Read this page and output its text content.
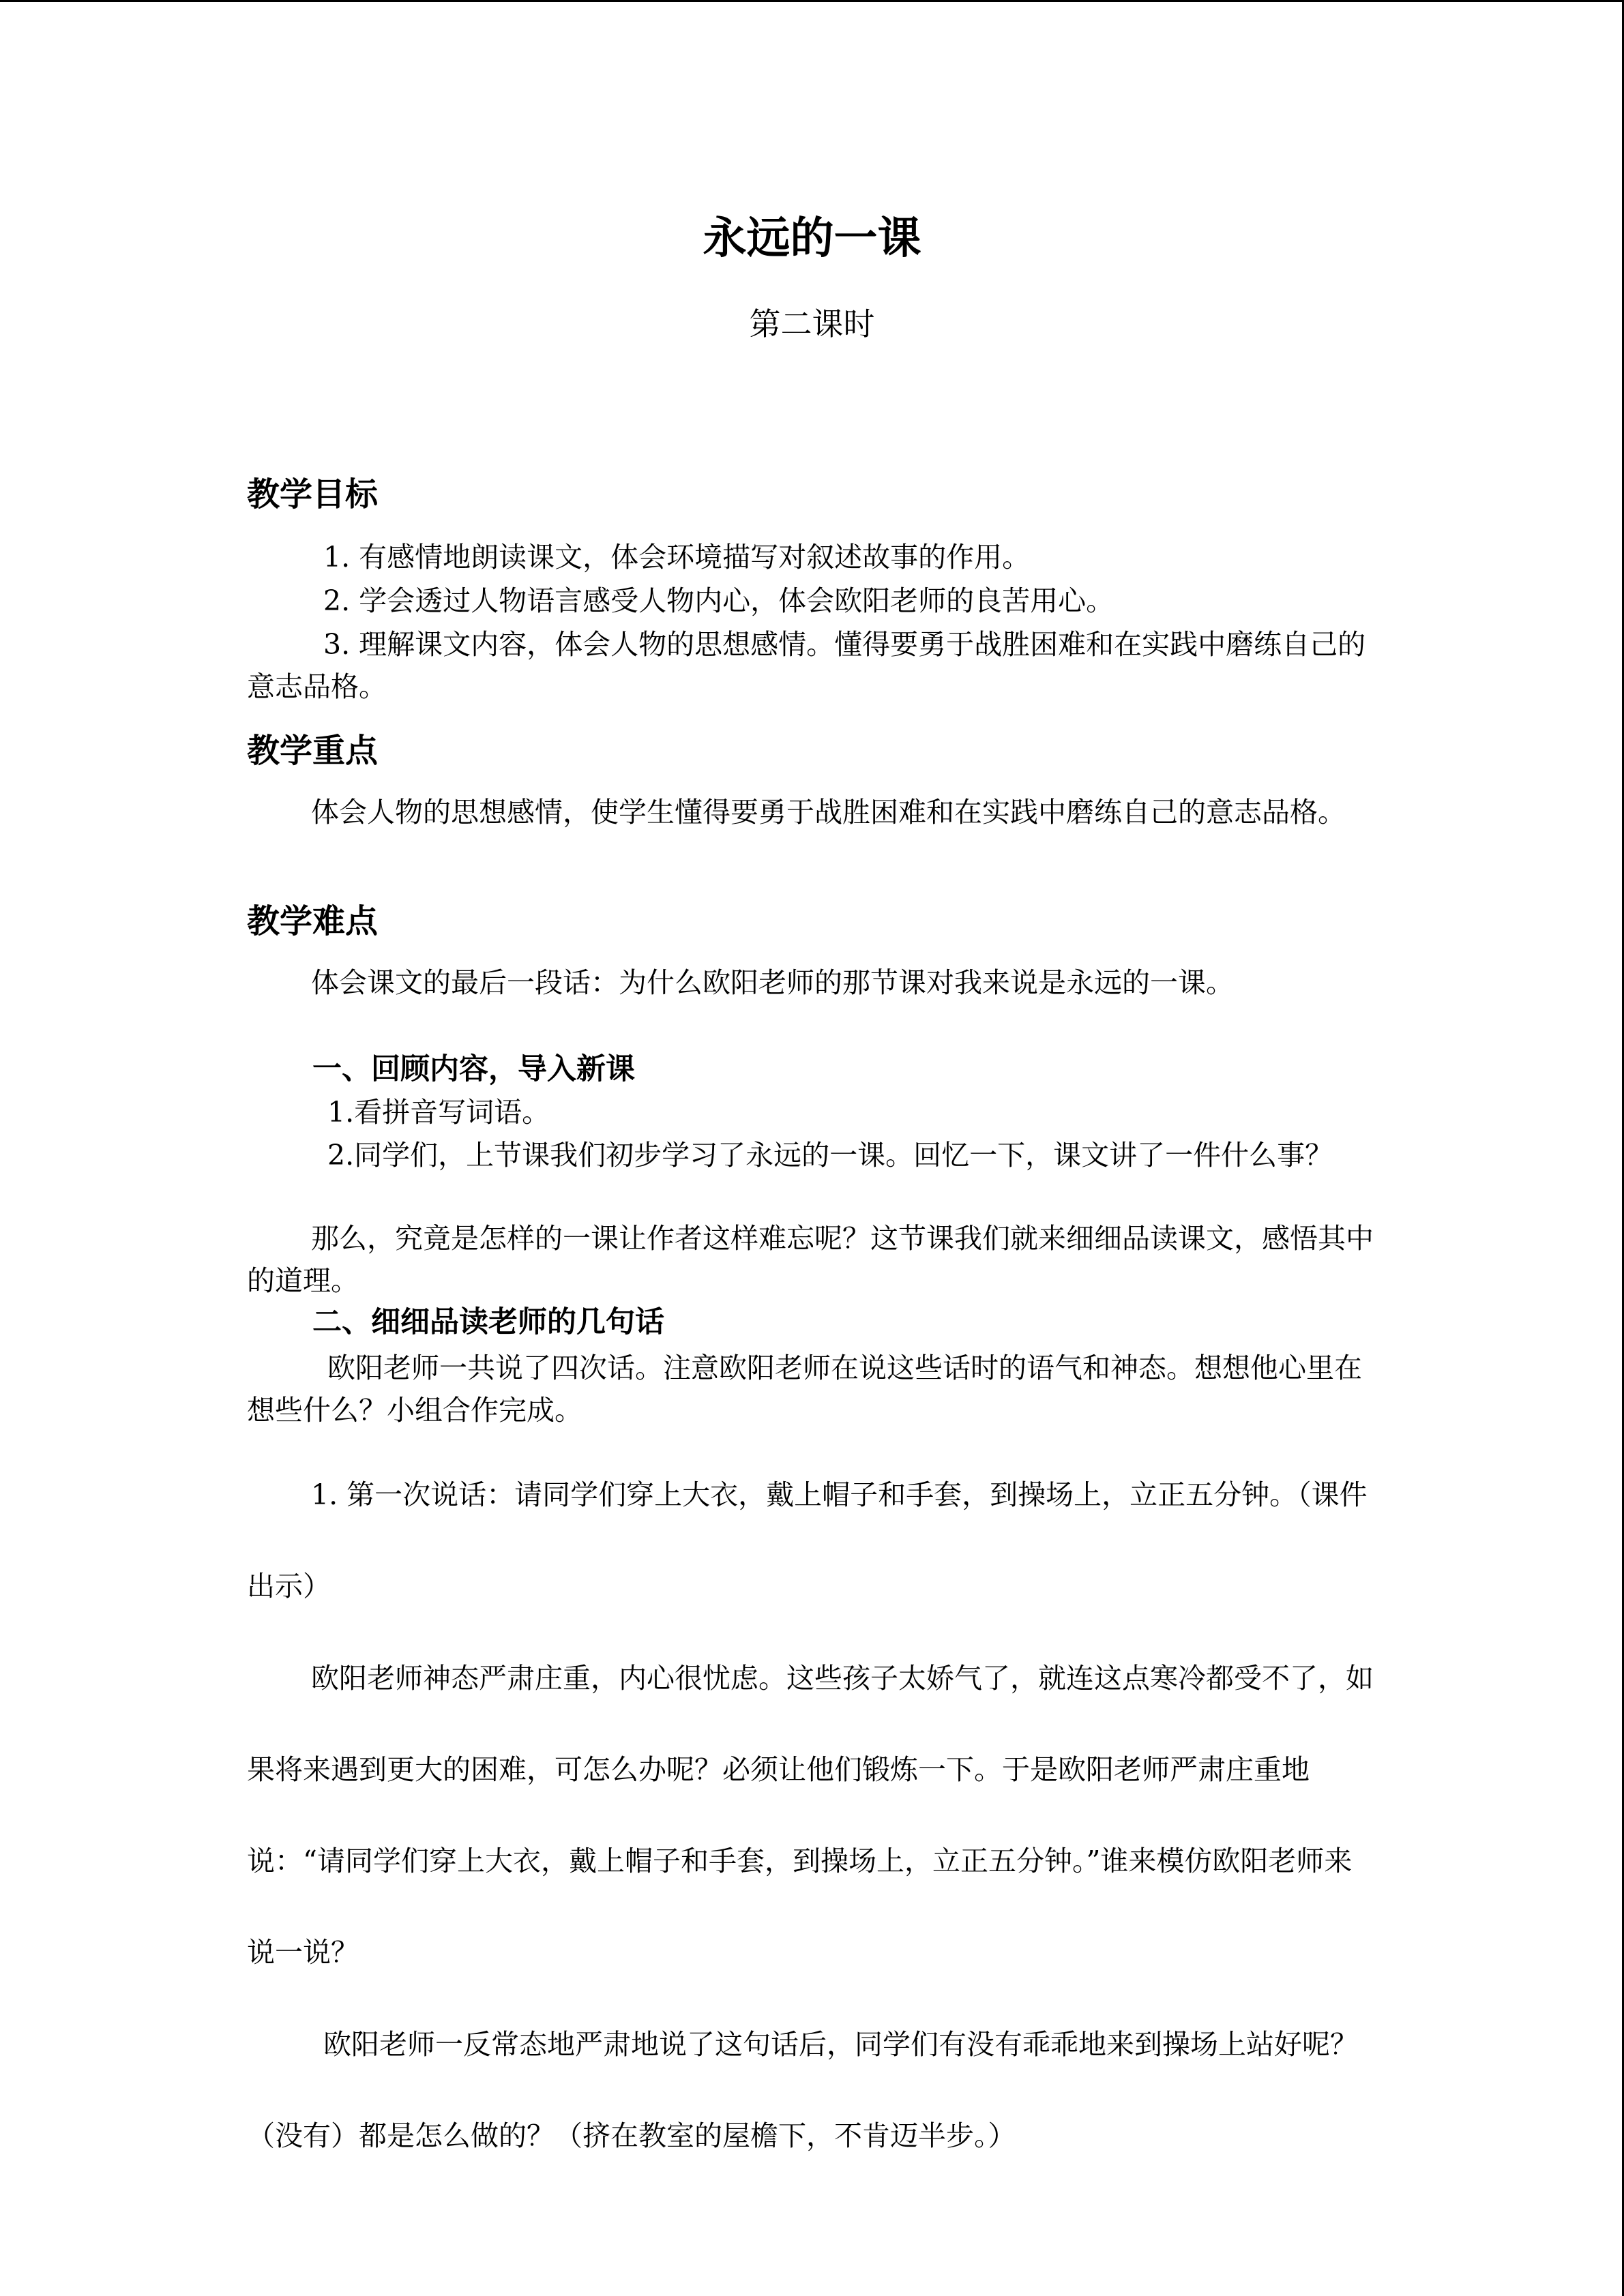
永远的一课
第二课时
教学目标
1. 有感情地朗读课文，体会环境描写对叙述故事的作用。
2. 学会透过人物语言感受人物内心，体会欧阳老师的良苦用心。
3. 理解课文内容，体会人物的思想感情。懂得要勇于战胜困难和在实践中磨练自己的意志品格。
教学重点
体会人物的思想感情，使学生懂得要勇于战胜困难和在实践中磨练自己的意志品格。
教学难点
体会课文的最后一段话：为什么欧阳老师的那节课对我来说是永远的一课。
一、回顾内容，导入新课
1.看拼音写词语。
2.同学们，上节课我们初步学习了永远的一课。回忆一下，课文讲了一件什么事？
那么，究竟是怎样的一课让作者这样难忘呢？这节课我们就来细细品读课文，感悟其中的道理。
二、细细品读老师的几句话
欧阳老师一共说了四次话。注意欧阳老师在说这些话时的语气和神态。想想他心里在想些什么？小组合作完成。
1. 第一次说话：请同学们穿上大衣，戴上帽子和手套，到操场上，立正五分钟。（课件出示）
欧阳老师神态严肃庄重，内心很忧虑。这些孩子太娇气了，就连这点寒冷都受不了，如果将来遇到更大的困难，可怎么办呢？必须让他们锻炼一下。于是欧阳老师严肃庄重地说：“请同学们穿上大衣，戴上帽子和手套，到操场上，立正五分钟。”谁来模仿欧阳老师来说一说？
欧阳老师一反常态地严肃地说了这句话后，同学们有没有乖乖地来到操场上站好呢？（没有）都是怎么做的？（挤在教室的屋檐下，不肯迈半步。）
